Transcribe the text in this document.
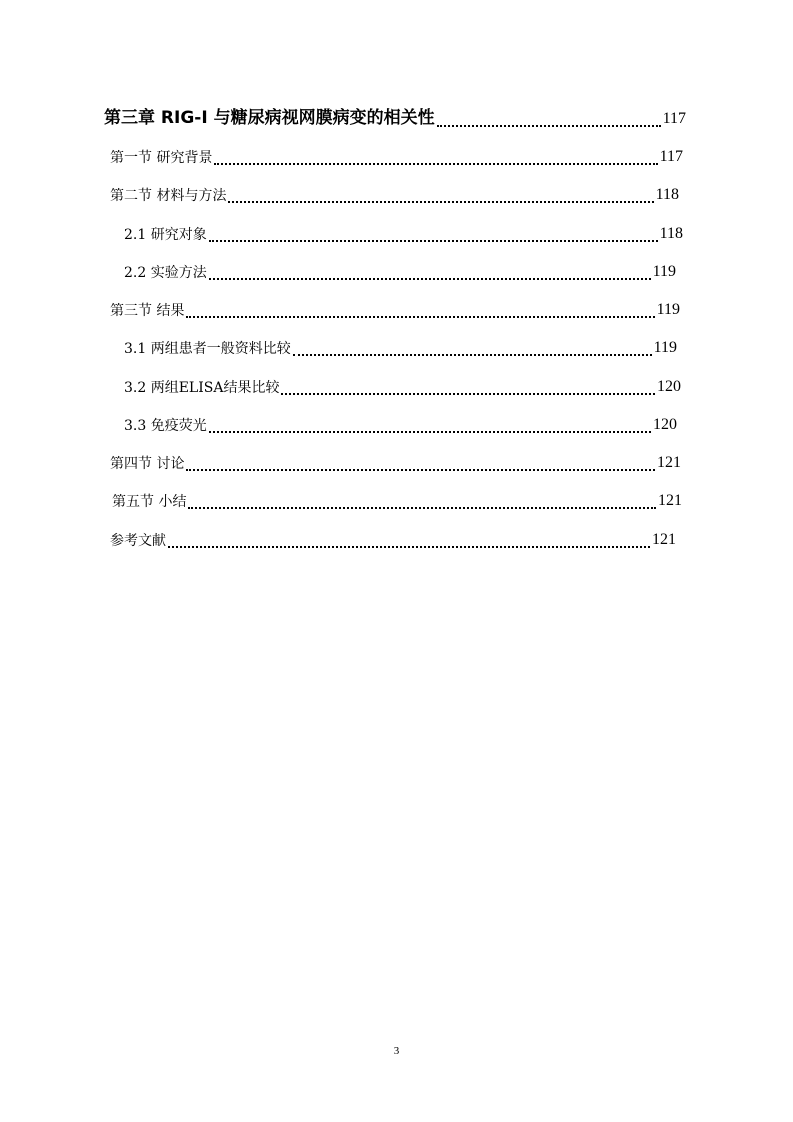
第三章 RIG-I 与糖尿病视网膜病变的相关性	117
第一节 研究背景	117
第二节 材料与方法	118
2.1 研究对象	118
2.2 实验方法	119
第三节 结果	119
3.1 两组患者一般资料比较	119
3.2 两组ELISA结果比较	120
3.3 免疫荧光	120
第四节 讨论	121
第五节 小结	121
参考文献	121
3
